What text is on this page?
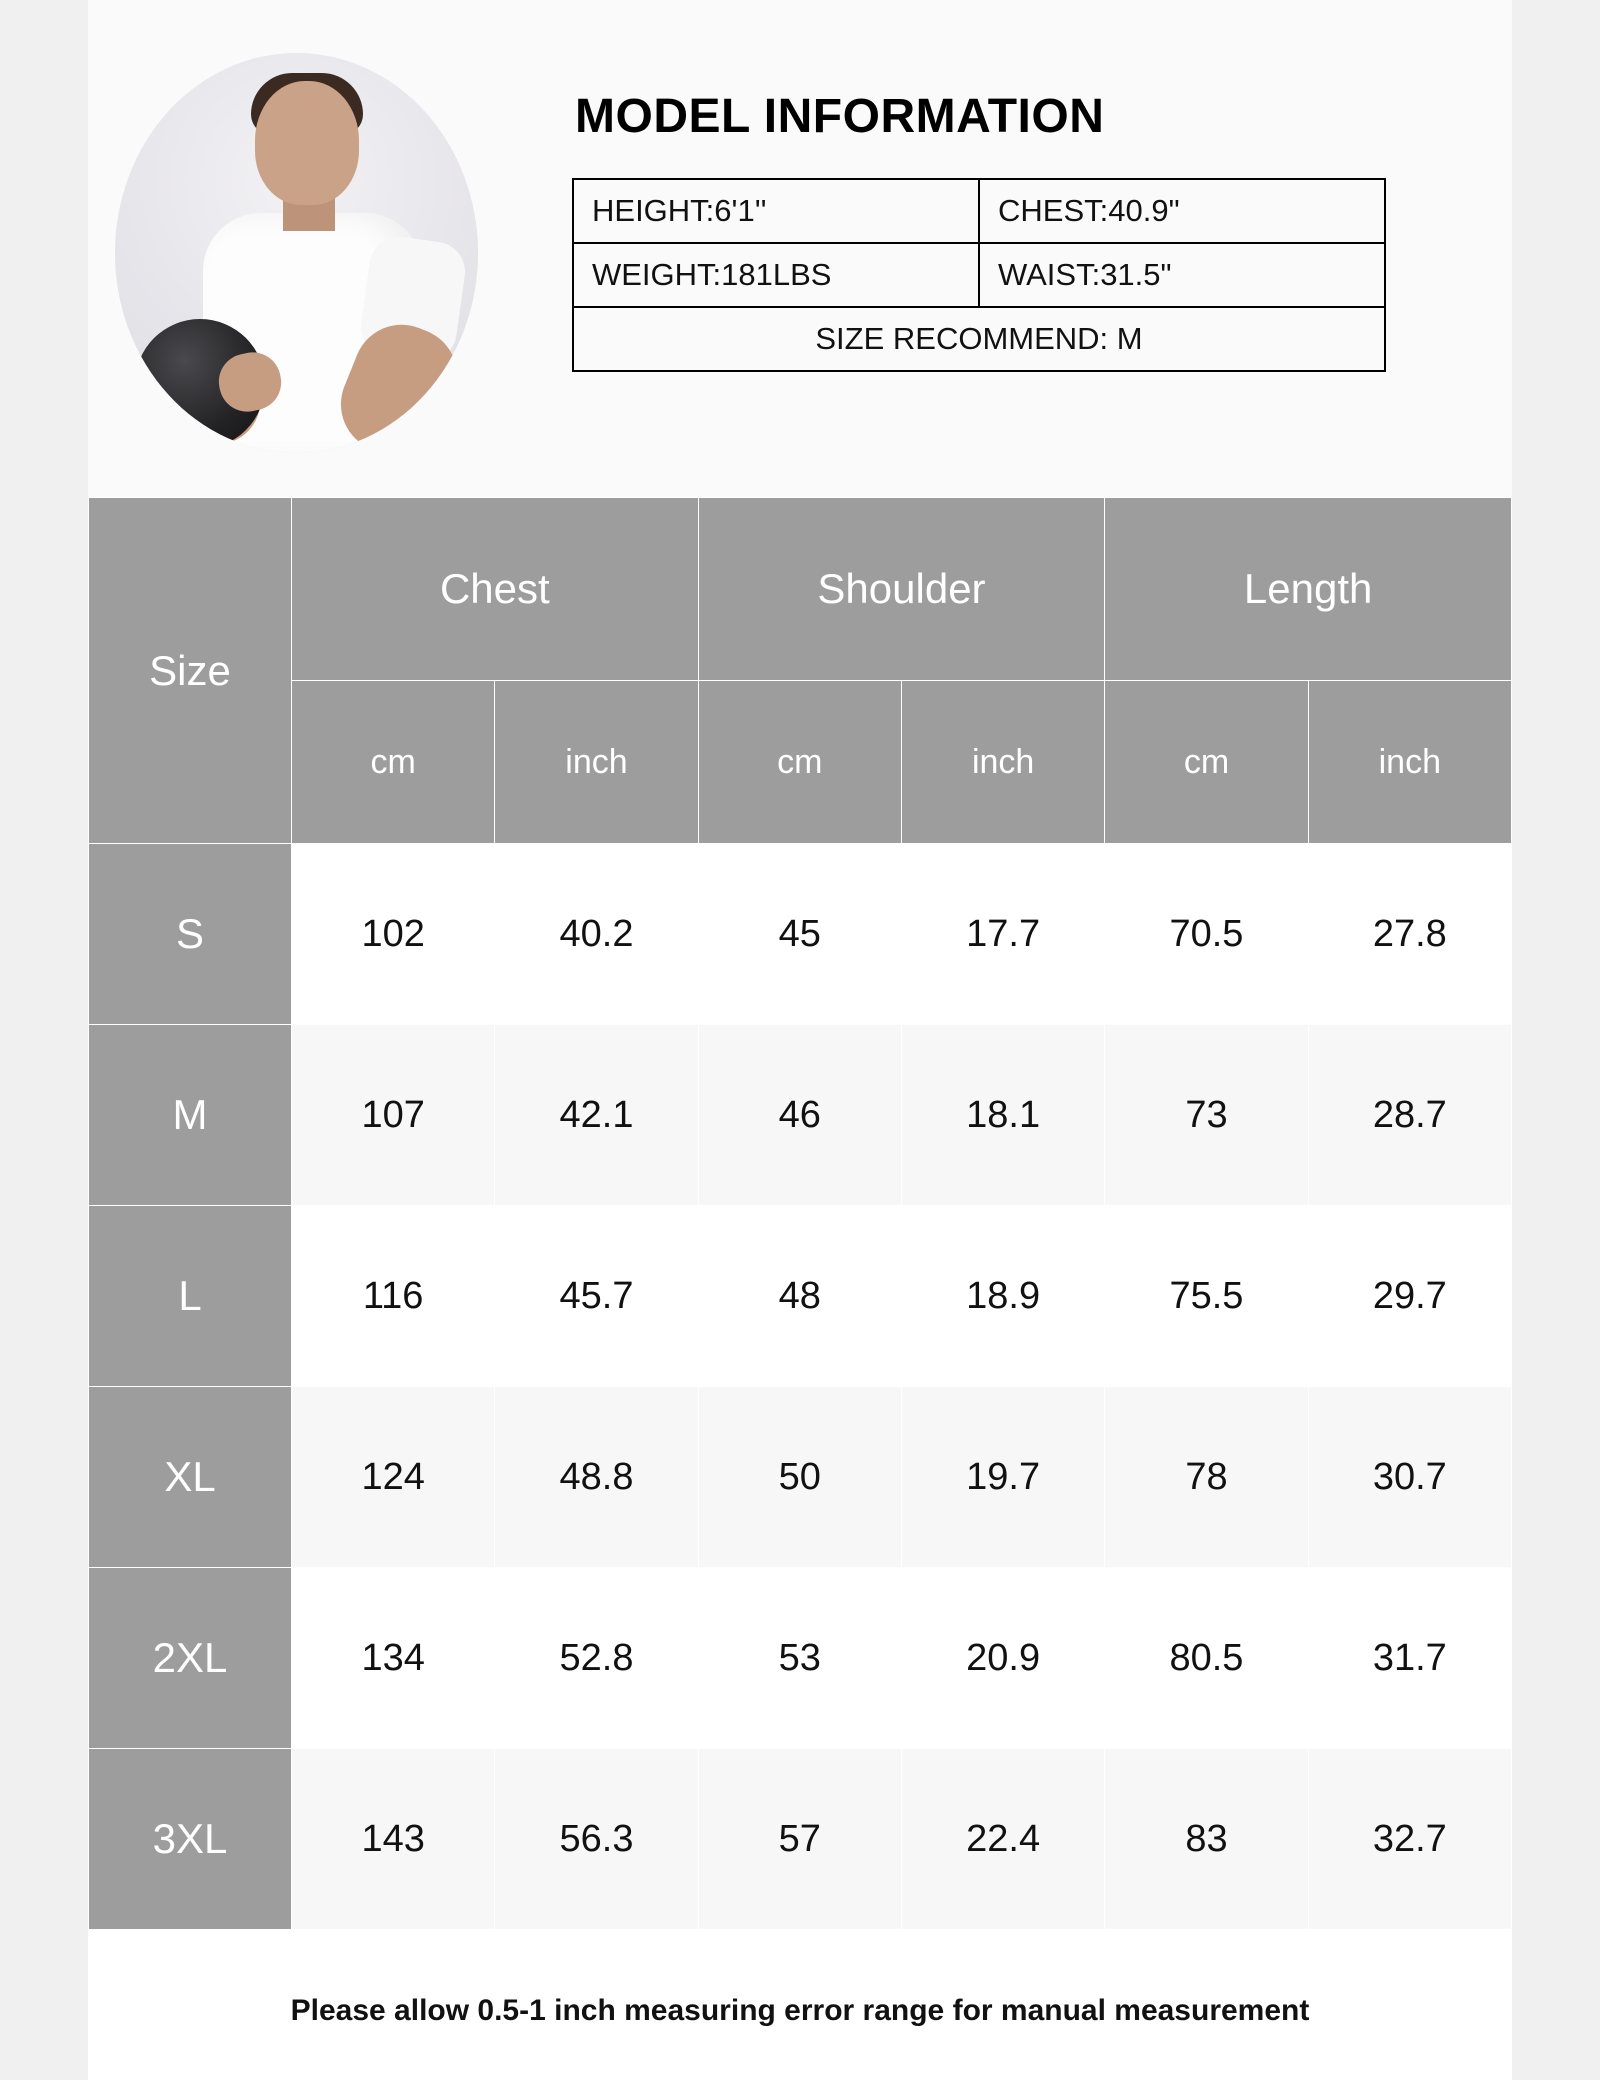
MODEL INFORMATION
HEIGHT:6'1''	CHEST:40.9"
WEIGHT:181LBS	WAIST:31.5"
SIZE RECOMMEND: M	
Size	Chest		Shoulder		Length	
	cm	inch	cm	inch	cm	inch
S	102	40.2	45	17.7	70.5	27.8
M	107	42.1	46	18.1	73	28.7
L	116	45.7	48	18.9	75.5	29.7
XL	124	48.8	50	19.7	78	30.7
2XL	134	52.8	53	20.9	80.5	31.7
3XL	143	56.3	57	22.4	83	32.7
Please allow 0.5-1 inch measuring error range for manual measurement
